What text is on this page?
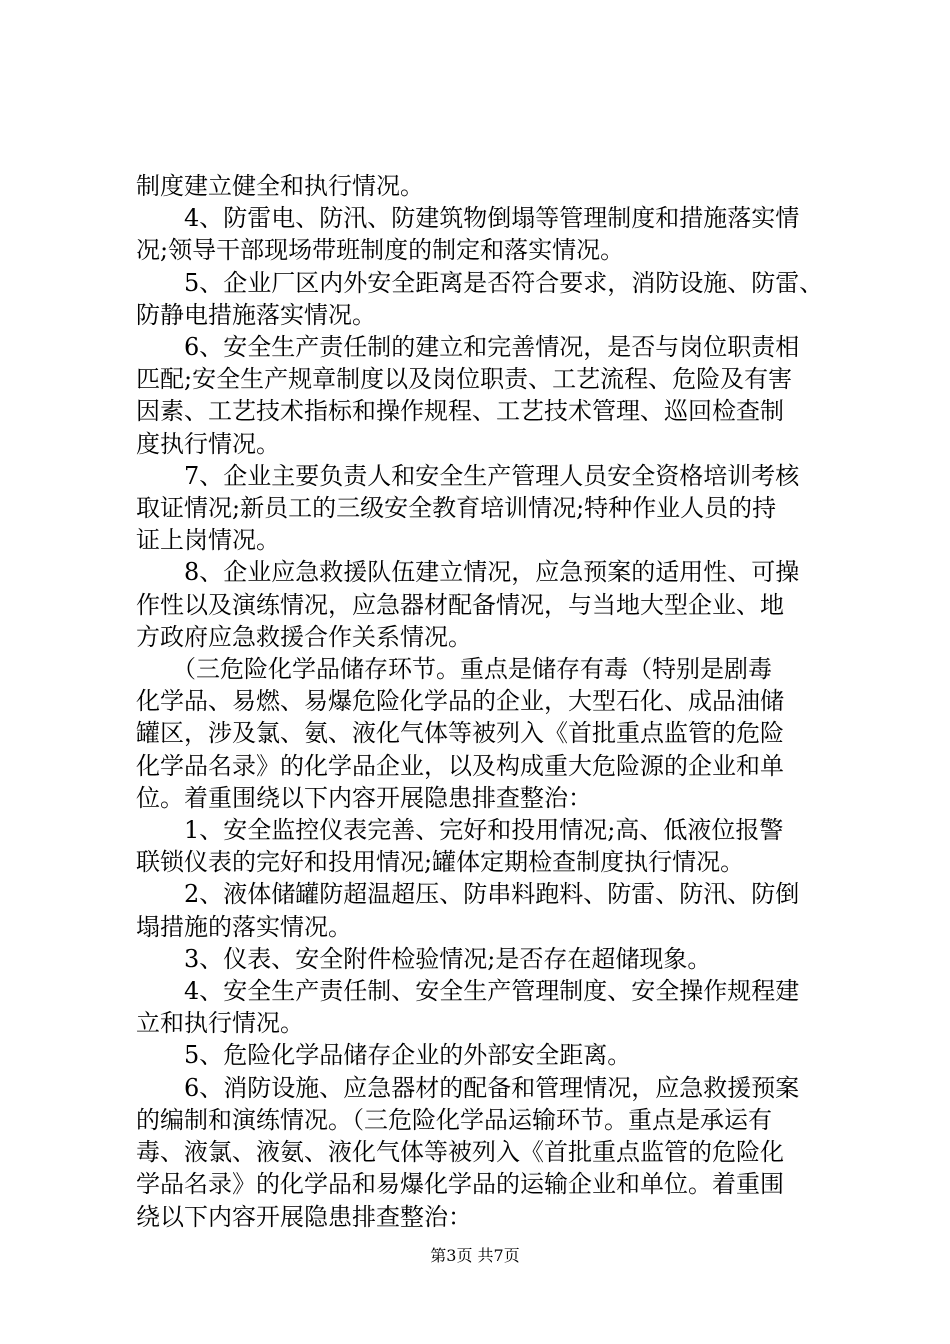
制度建立健全和执行情况。
　　4、防雷电、防汛、防建筑物倒塌等管理制度和措施落实情
况;领导干部现场带班制度的制定和落实情况。
　　5、企业厂区内外安全距离是否符合要求，消防设施、防雷、
防静电措施落实情况。
　　6、安全生产责任制的建立和完善情况，是否与岗位职责相
匹配;安全生产规章制度以及岗位职责、工艺流程、危险及有害
因素、工艺技术指标和操作规程、工艺技术管理、巡回检查制
度执行情况。
　　7、企业主要负责人和安全生产管理人员安全资格培训考核
取证情况;新员工的三级安全教育培训情况;特种作业人员的持
证上岗情况。
　　8、企业应急救援队伍建立情况，应急预案的适用性、可操
作性以及演练情况，应急器材配备情况，与当地大型企业、地
方政府应急救援合作关系情况。
　　（三危险化学品储存环节。重点是储存有毒（特别是剧毒
化学品、易燃、易爆危险化学品的企业，大型石化、成品油储
罐区，涉及氯、氨、液化气体等被列入《首批重点监管的危险
化学品名录》的化学品企业，以及构成重大危险源的企业和单
位。着重围绕以下内容开展隐患排查整治：
　　1、安全监控仪表完善、完好和投用情况;高、低液位报警
联锁仪表的完好和投用情况;罐体定期检查制度执行情况。
　　2、液体储罐防超温超压、防串料跑料、防雷、防汛、防倒
塌措施的落实情况。
　　3、仪表、安全附件检验情况;是否存在超储现象。
　　4、安全生产责任制、安全生产管理制度、安全操作规程建
立和执行情况。
　　5、危险化学品储存企业的外部安全距离。
　　6、消防设施、应急器材的配备和管理情况，应急救援预案
的编制和演练情况。（三危险化学品运输环节。重点是承运有
毒、液氯、液氨、液化气体等被列入《首批重点监管的危险化
学品名录》的化学品和易爆化学品的运输企业和单位。着重围
绕以下内容开展隐患排查整治：
第3页 共7页
